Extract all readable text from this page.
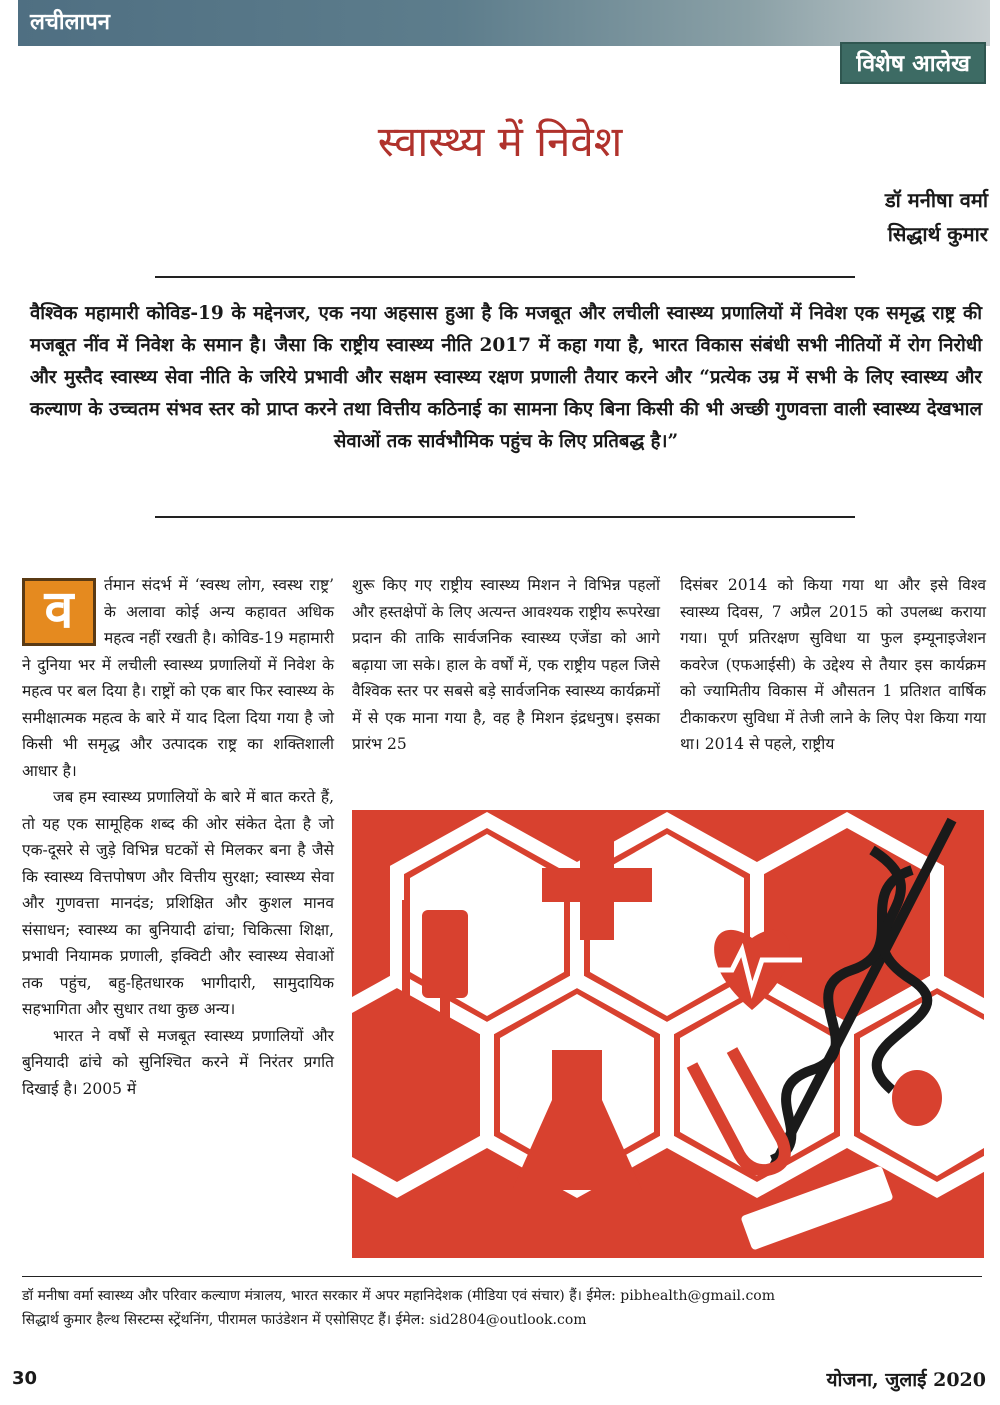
लचीलापन
विशेष आलेख
स्वास्थ्य में निवेश
डॉ मनीषा वर्मा
सिद्धार्थ कुमार
वैश्विक महामारी कोविड-19 के मद्देनजर, एक नया अहसास हुआ है कि मजबूत और लचीली स्वास्थ्य प्रणालियों में निवेश एक समृद्ध राष्ट्र की मजबूत नींव में निवेश के समान है। जैसा कि राष्ट्रीय स्वास्थ्य नीति 2017 में कहा गया है, भारत विकास संबंधी सभी नीतियों में रोग निरोधी और मुस्तैद स्वास्थ्य सेवा नीति के जरिये प्रभावी और सक्षम स्वास्थ्य रक्षण प्रणाली तैयार करने और “प्रत्येक उम्र में सभी के लिए स्वास्थ्य और कल्याण के उच्चतम संभव स्तर को प्राप्त करने तथा वित्तीय कठिनाई का सामना किए बिना किसी की भी अच्छी गुणवत्ता वाली स्वास्थ्य देखभाल सेवाओं तक सार्वभौमिक पहुंच के लिए प्रतिबद्ध है।”

व	र्तमान संदर्भ में ‘स्वस्थ लोग, स्वस्थ राष्ट्र’ के अलावा कोई अन्य कहावत अधिक महत्व नहीं रखती है। कोविड-19 महामारी ने दुनिया भर में लचीली स्वास्थ्य प्रणालियों में निवेश के महत्व पर बल दिया है। राष्ट्रों को एक बार फिर स्वास्थ्य के समीक्षात्मक महत्व के बारे में याद दिला दिया गया है जो किसी भी समृद्ध और उत्पादक राष्ट्र का शक्तिशाली आधार है।

जब हम स्वास्थ्य प्रणालियों के बारे में बात करते हैं, तो यह एक सामूहिक शब्द की ओर संकेत देता है जो एक-दूसरे से जुड़े विभिन्न घटकों से मिलकर बना है जैसे कि स्वास्थ्य वित्तपोषण और वित्तीय सुरक्षा; स्वास्थ्य सेवा और गुणवत्ता मानदंड; प्रशिक्षित और कुशल मानव संसाधन; स्वास्थ्य का बुनियादी ढांचा; चिकित्सा शिक्षा, प्रभावी नियामक प्रणाली, इक्विटी और स्वास्थ्य सेवाओं तक पहुंच, बहु-हितधारक भागीदारी, सामुदायिक सहभागिता और सुधार तथा कुछ अन्य।

भारत ने वर्षों से मजबूत स्वास्थ्य प्रणालियों और बुनियादी ढांचे को सुनिश्चित करने में निरंतर प्रगति दिखाई है। 2005 में

शुरू किए गए राष्ट्रीय स्वास्थ्य मिशन ने विभिन्न पहलों और हस्तक्षेपों के लिए अत्यन्त आवश्यक राष्ट्रीय रूपरेखा प्रदान की ताकि सार्वजनिक स्वास्थ्य एजेंडा को आगे बढ़ाया जा सके। हाल के वर्षों में, एक राष्ट्रीय पहल जिसे वैश्विक स्तर पर सबसे बड़े सार्वजनिक स्वास्थ्य कार्यक्रमों में से एक माना गया है, वह है मिशन इंद्रधनुष। इसका प्रारंभ 25

दिसंबर 2014 को किया गया था और इसे विश्व स्वास्थ्य दिवस, 7 अप्रैल 2015 को उपलब्ध कराया गया। पूर्ण प्रतिरक्षण सुविधा या फुल इम्यूनाइजेशन कवरेज (एफआईसी) के उद्देश्य से तैयार इस कार्यक्रम को ज्यामितीय विकास में औसतन 1 प्रतिशत वार्षिक टीकाकरण सुविधा में तेजी लाने के लिए पेश किया गया था। 2014 से पहले, राष्ट्रीय

डॉ मनीषा वर्मा स्वास्थ्य और परिवार कल्याण मंत्रालय, भारत सरकार में अपर महानिदेशक (मीडिया एवं संचार) हैं। ईमेल: pibhealth@gmail.com
सिद्धार्थ कुमार हैल्थ सिस्टम्स स्ट्रेंथनिंग, पीरामल फाउंडेशन में एसोसिएट हैं। ईमेल: sid2804@outlook.com
30	योजना, जुलाई 2020
